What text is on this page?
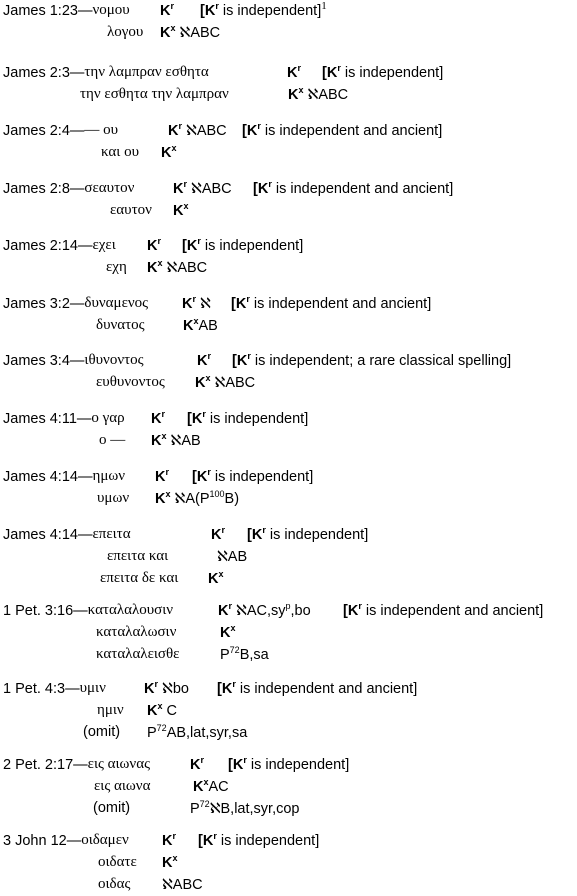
James 1:23— νομου $K^r$ [$K^r$ is independent]$^1$
λογου $K^x$ ℵABC
James 2:3— την λαμπραν εσθητα	$K^r$ [$K^r$ is independent]
την εσθητα την λαμπραν	$K^x$ ℵABC
James 2:4— — ου	$K^r$ ℵABC [$K^r$ is independent and ancient]
και ου $K^x$
James 2:8— σεαυτον	$K^r$ ℵABC [$K^r$ is independent and ancient]
εαυτον $K^x$
James 2:14— εχει $K^r$ [$K^r$ is independent]
εχη $K^x$ ℵABC
James 3:2— δυναμενος $K^r$ ℵ [$K^r$ is independent and ancient]
δυνατος	$K^xAB$
James 3:4— ιθυνοντος	$K^r$ [$K^r$ is independent; a rare classical spelling]
ευθυνοντος $K^x$ ℵABC
James 4:11— ο γαρ $K^r$ [$K^r$ is independent]
ο — $K^x$ ℵAB
James 4:14— ημων $K^r$ [$K^r$ is independent]
υμων $K^x$ $ℵA(P^{100}B)$
James 4:14— επειτα	$K^r$ [$K^r$ is independent]
επειτα και	ℵAB
επειτα δε και $K^x$
1 Pet. 3:16— καταλαλουσιν	$K^r$ $ℵAC,sy^p,bo$ [$K^r$ is independent and ancient]
καταλαλωσιν	$K^x$
καταλαλεισθε	$P^{72}B,sa$
1 Pet. 4:3— υμιν	$K^r$ ℵbo [$K^r$ is independent and ancient]
ημιν $K^x$ C
(omit) $P^{72}AB,lat,syr,sa$
2 Pet. 2:17— εις αιωνας	$K^r$ [$K^r$ is independent]
εις αιωνα	$K^xAC$
(omit)	$P^{72}ℵB,lat,syr,cop$
3 John 12— οιδαμεν $K^r$ [$K^r$ is independent]
οιδατε $K^x$
οιδας ℵABC
